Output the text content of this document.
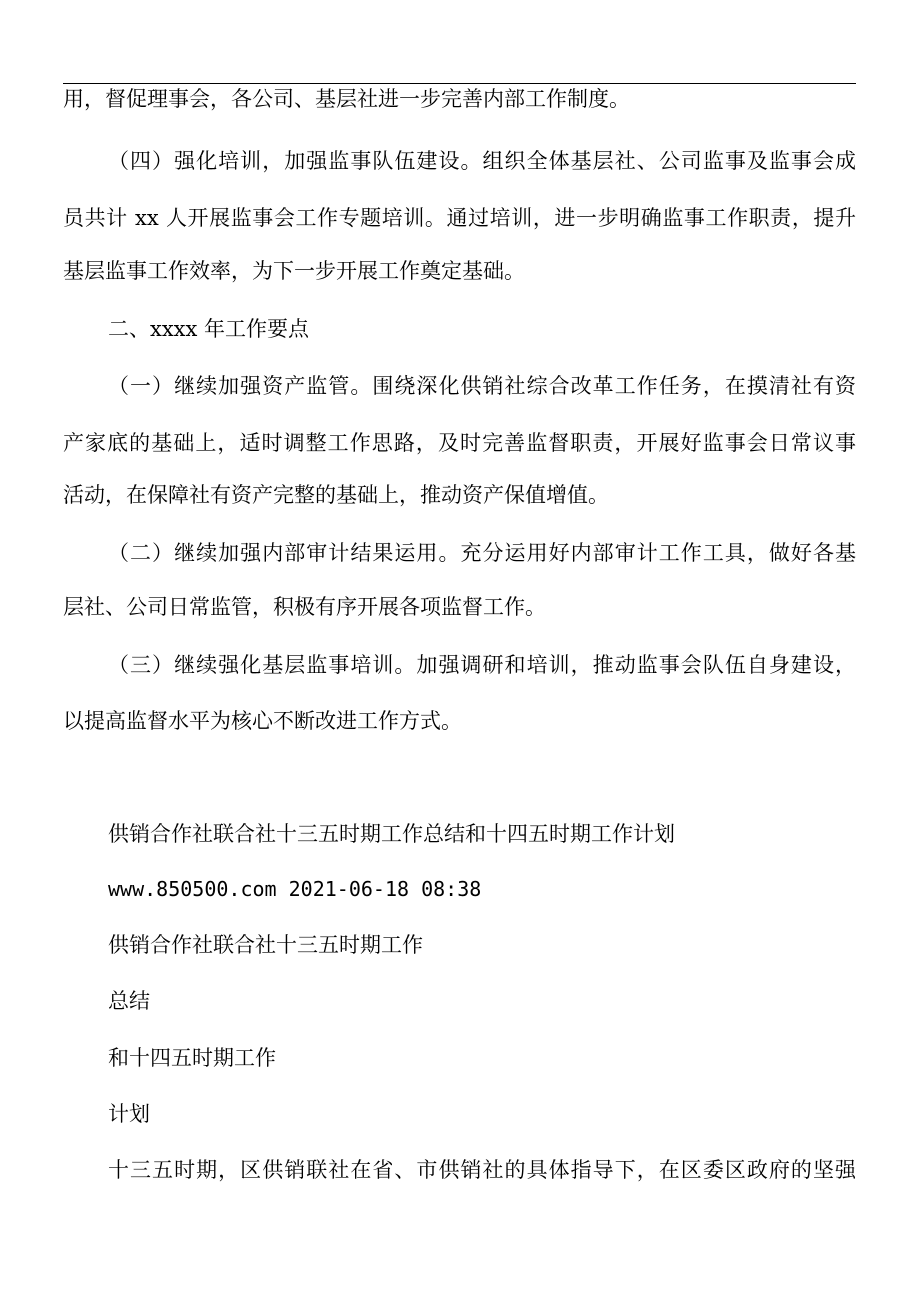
用，督促理事会，各公司、基层社进一步完善内部工作制度。
（四）强化培训，加强监事队伍建设。组织全体基层社、公司监事及监事会成
员共计 xx 人开展监事会工作专题培训。通过培训，进一步明确监事工作职责，提升
基层监事工作效率，为下一步开展工作奠定基础。
二、xxxx 年工作要点
（一）继续加强资产监管。围绕深化供销社综合改革工作任务，在摸清社有资
产家底的基础上，适时调整工作思路，及时完善监督职责，开展好监事会日常议事
活动，在保障社有资产完整的基础上，推动资产保值增值。
（二）继续加强内部审计结果运用。充分运用好内部审计工作工具，做好各基
层社、公司日常监管，积极有序开展各项监督工作。
（三）继续强化基层监事培训。加强调研和培训，推动监事会队伍自身建设，
以提高监督水平为核心不断改进工作方式。
供销合作社联合社十三五时期工作总结和十四五时期工作计划
www.850500.com 2021-06-18 08:38
供销合作社联合社十三五时期工作
总结
和十四五时期工作
计划
十三五时期，区供销联社在省、市供销社的具体指导下，在区委区政府的坚强
